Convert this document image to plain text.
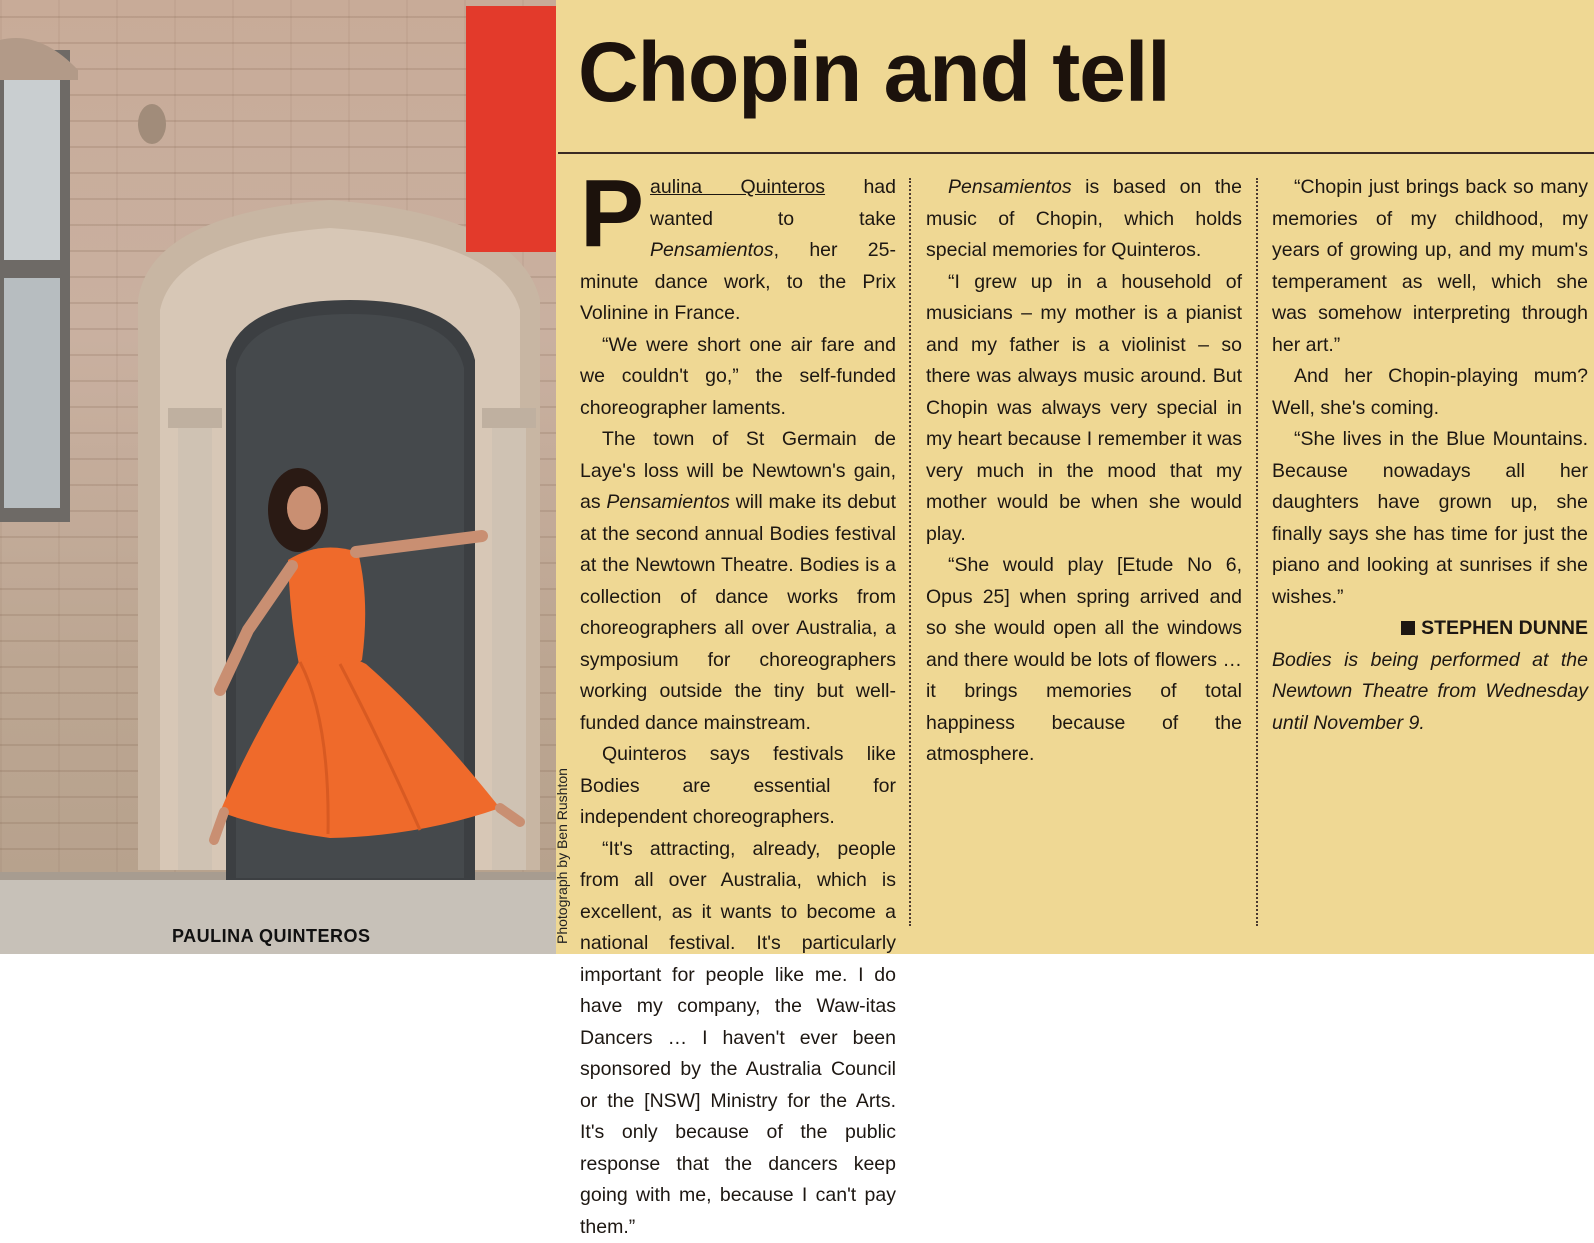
PAULINA QUINTEROS	Photograph by Ben Rushton
Chopin and tell

Paulina Quinteros had wanted to take Pensamientos, her 25-minute dance work, to the Prix Volinine in France.

“We were short one air fare and we couldn't go,” the self-funded choreographer laments.

The town of St Germain de Laye's loss will be Newtown's gain, as Pensamientos will make its debut at the second annual Bodies festival at the Newtown Theatre. Bodies is a collection of dance works from choreographers all over Australia, a symposium for choreographers working outside the tiny but well-funded dance mainstream.

Quinteros says festivals like Bodies are essential for independent choreographers.

“It's attracting, already, people from all over Australia, which is excellent, as it wants to become a national festival. It's particularly important for people like me. I do have my company, the Waw-itas Dancers … I haven't ever been sponsored by the Australia Council or the [NSW] Ministry for the Arts. It's only because of the public response that the dancers keep going with me, because I can't pay them.”

Pensamientos is based on the music of Chopin, which holds special memories for Quinteros.

“I grew up in a household of musicians – my mother is a pianist and my father is a violinist – so there was always music around. But Chopin was always very special in my heart because I remember it was very much in the mood that my mother would be when she would play.

“She would play [Etude No 6, Opus 25] when spring arrived and so she would open all the windows and there would be lots of flowers … it brings memories of total happiness because of the atmosphere.

“Chopin just brings back so many memories of my childhood, my years of growing up, and my mum's temperament as well, which she was somehow interpreting through her art.”

And her Chopin-playing mum? Well, she's coming.

“She lives in the Blue Mountains. Because nowadays all her daughters have grown up, she finally says she has time for just the piano and looking at sunrises if she wishes.”

STEPHEN DUNNE

Bodies is being performed at the Newtown Theatre from Wednesday until November 9.
